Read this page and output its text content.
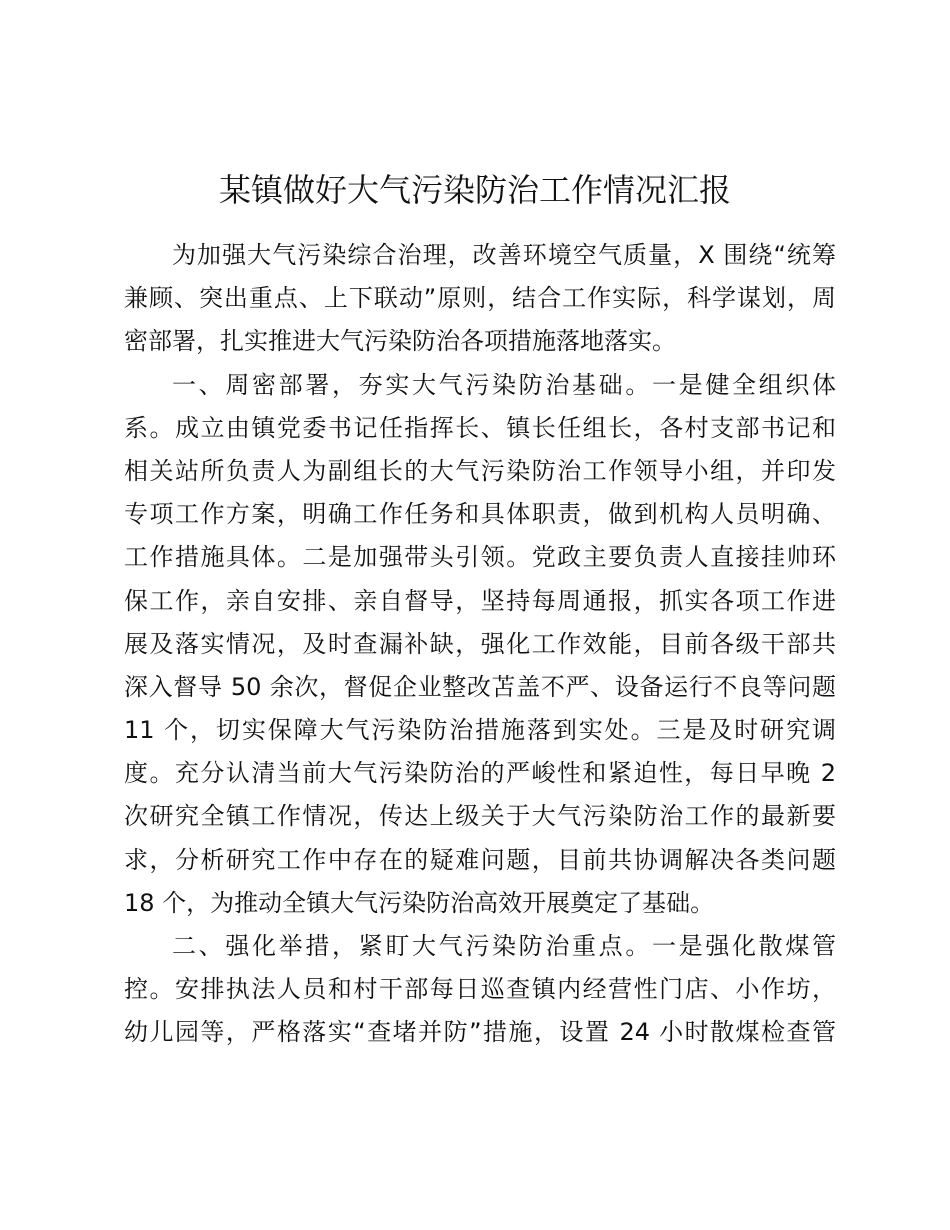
某镇做好大气污染防治工作情况汇报
为加强大气污染综合治理，改善环境空气质量，X 围绕“统筹
兼顾、突出重点、上下联动”原则，结合工作实际，科学谋划，周
密部署，扎实推进大气污染防治各项措施落地落实。
一、周密部署，夯实大气污染防治基础。一是健全组织体
系。成立由镇党委书记任指挥长、镇长任组长，各村支部书记和
相关站所负责人为副组长的大气污染防治工作领导小组，并印发
专项工作方案，明确工作任务和具体职责，做到机构人员明确、
工作措施具体。二是加强带头引领。党政主要负责人直接挂帅环
保工作，亲自安排、亲自督导，坚持每周通报，抓实各项工作进
展及落实情况，及时查漏补缺，强化工作效能，目前各级干部共
深入督导 50 余次，督促企业整改苫盖不严、设备运行不良等问题
11 个，切实保障大气污染防治措施落到实处。三是及时研究调
度。充分认清当前大气污染防治的严峻性和紧迫性，每日早晚 2
次研究全镇工作情况，传达上级关于大气污染防治工作的最新要
求，分析研究工作中存在的疑难问题，目前共协调解决各类问题
18 个，为推动全镇大气污染防治高效开展奠定了基础。
二、强化举措，紧盯大气污染防治重点。一是强化散煤管
控。安排执法人员和村干部每日巡查镇内经营性门店、小作坊，
幼儿园等，严格落实“查堵并防”措施，设置 24 小时散煤检查管
